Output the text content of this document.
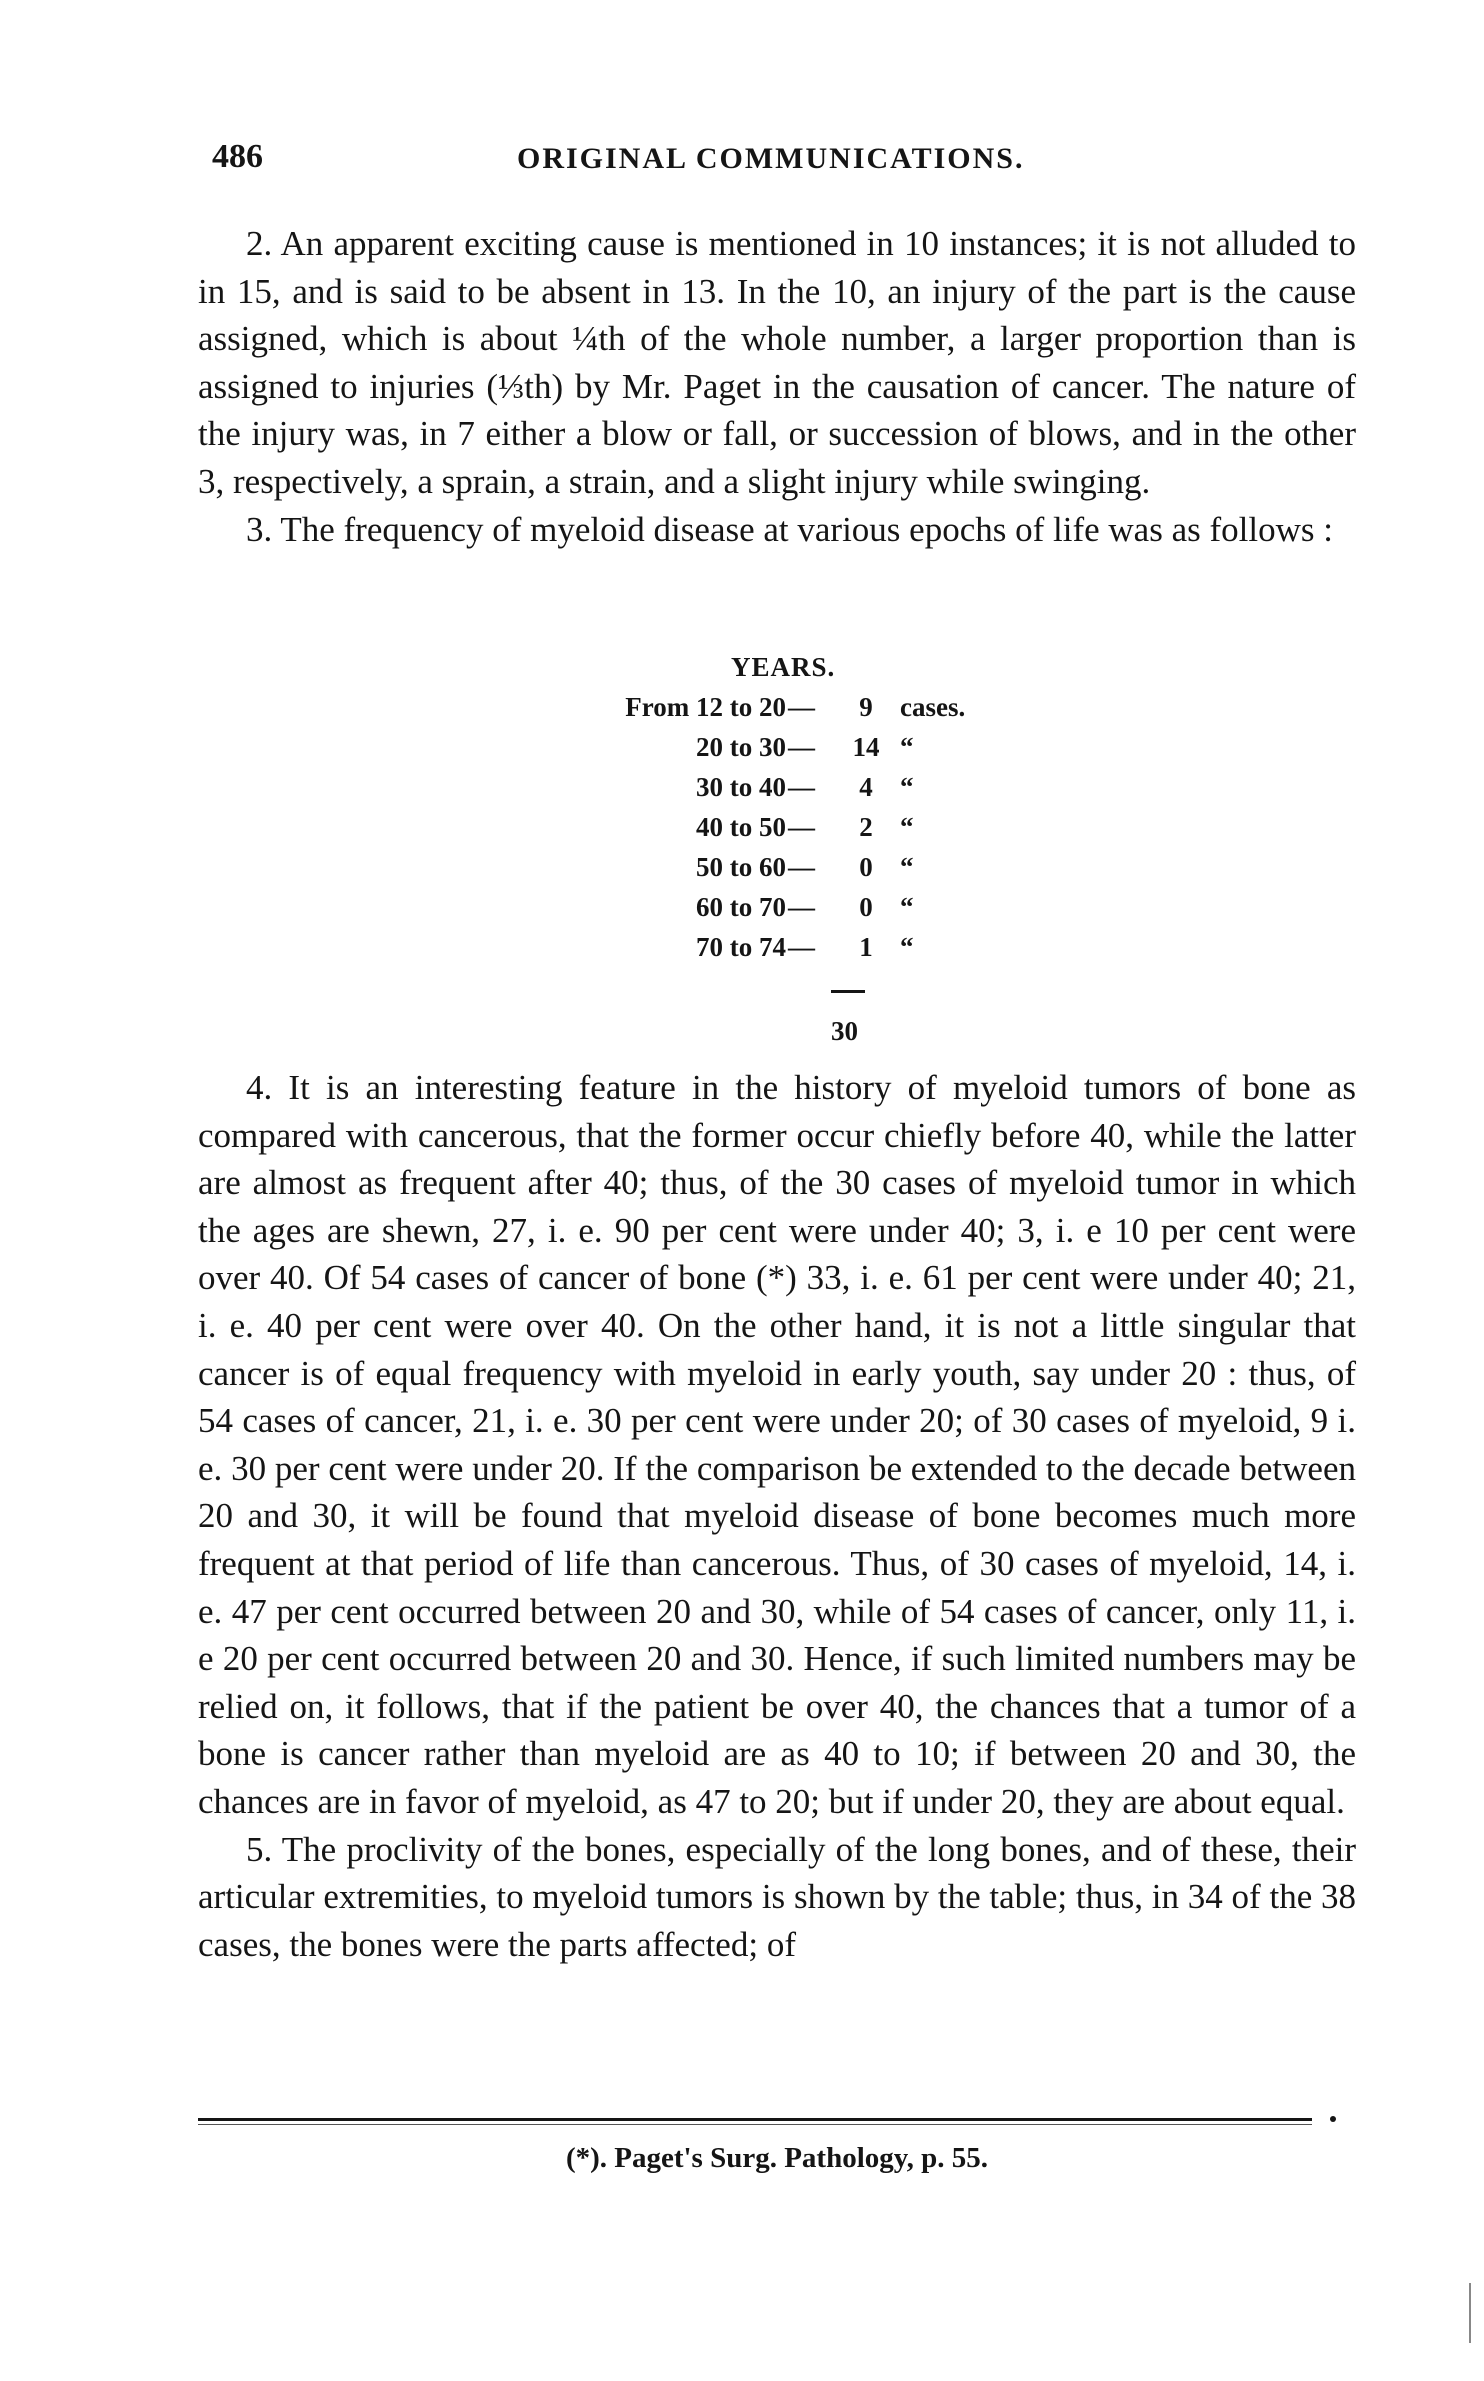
486	ORIGINAL COMMUNICATIONS.

2. An apparent exciting cause is mentioned in 10 instances; it is not alluded to in 15, and is said to be absent in 13. In the 10, an injury of the part is the cause assigned, which is about ¼th of the whole number, a larger proportion than is assigned to injuries (⅓th) by Mr. Paget in the causation of cancer. The nature of the injury was, in 7 either a blow or fall, or succession of blows, and in the other 3, respectively, a sprain, a strain, and a slight injury while swinging.

3. The frequency of myeloid disease at various epochs of life was as follows :

YEARS.
From 12 to 20 —	9	cases.
20 to 30 — 14 “
30 to 40 —	4	“
40 to 50 —	2	“
50 to 60 —	0	“
60 to 70 —	0	“
70 to 74 —	1	“
30

4. It is an interesting feature in the history of myeloid tumors of bone as compared with cancerous, that the former occur chiefly before 40, while the latter are almost as frequent after 40; thus, of the 30 cases of myeloid tumor in which the ages are shewn, 27, i. e. 90 per cent were under 40; 3, i. e 10 per cent were over 40. Of 54 cases of cancer of bone (*) 33, i. e. 61 per cent were under 40; 21, i. e. 40 per cent were over 40. On the other hand, it is not a little singular that cancer is of equal frequency with myeloid in early youth, say under 20 : thus, of 54 cases of cancer, 21, i. e. 30 per cent were under 20; of 30 cases of myeloid, 9 i. e. 30 per cent were under 20. If the comparison be extended to the decade between 20 and 30, it will be found that myeloid disease of bone becomes much more frequent at that period of life than cancerous. Thus, of 30 cases of myeloid, 14, i. e. 47 per cent occurred between 20 and 30, while of 54 cases of cancer, only 11, i. e 20 per cent occurred between 20 and 30. Hence, if such limited numbers may be relied on, it follows, that if the patient be over 40, the chances that a tumor of a bone is cancer rather than myeloid are as 40 to 10; if between 20 and 30, the chances are in favor of myeloid, as 47 to 20; but if under 20, they are about equal.

5. The proclivity of the bones, especially of the long bones, and of these, their articular extremities, to myeloid tumors is shown by the table; thus, in 34 of the 38 cases, the bones were the parts affected; of

(*). Paget's Surg. Pathology, p. 55.
